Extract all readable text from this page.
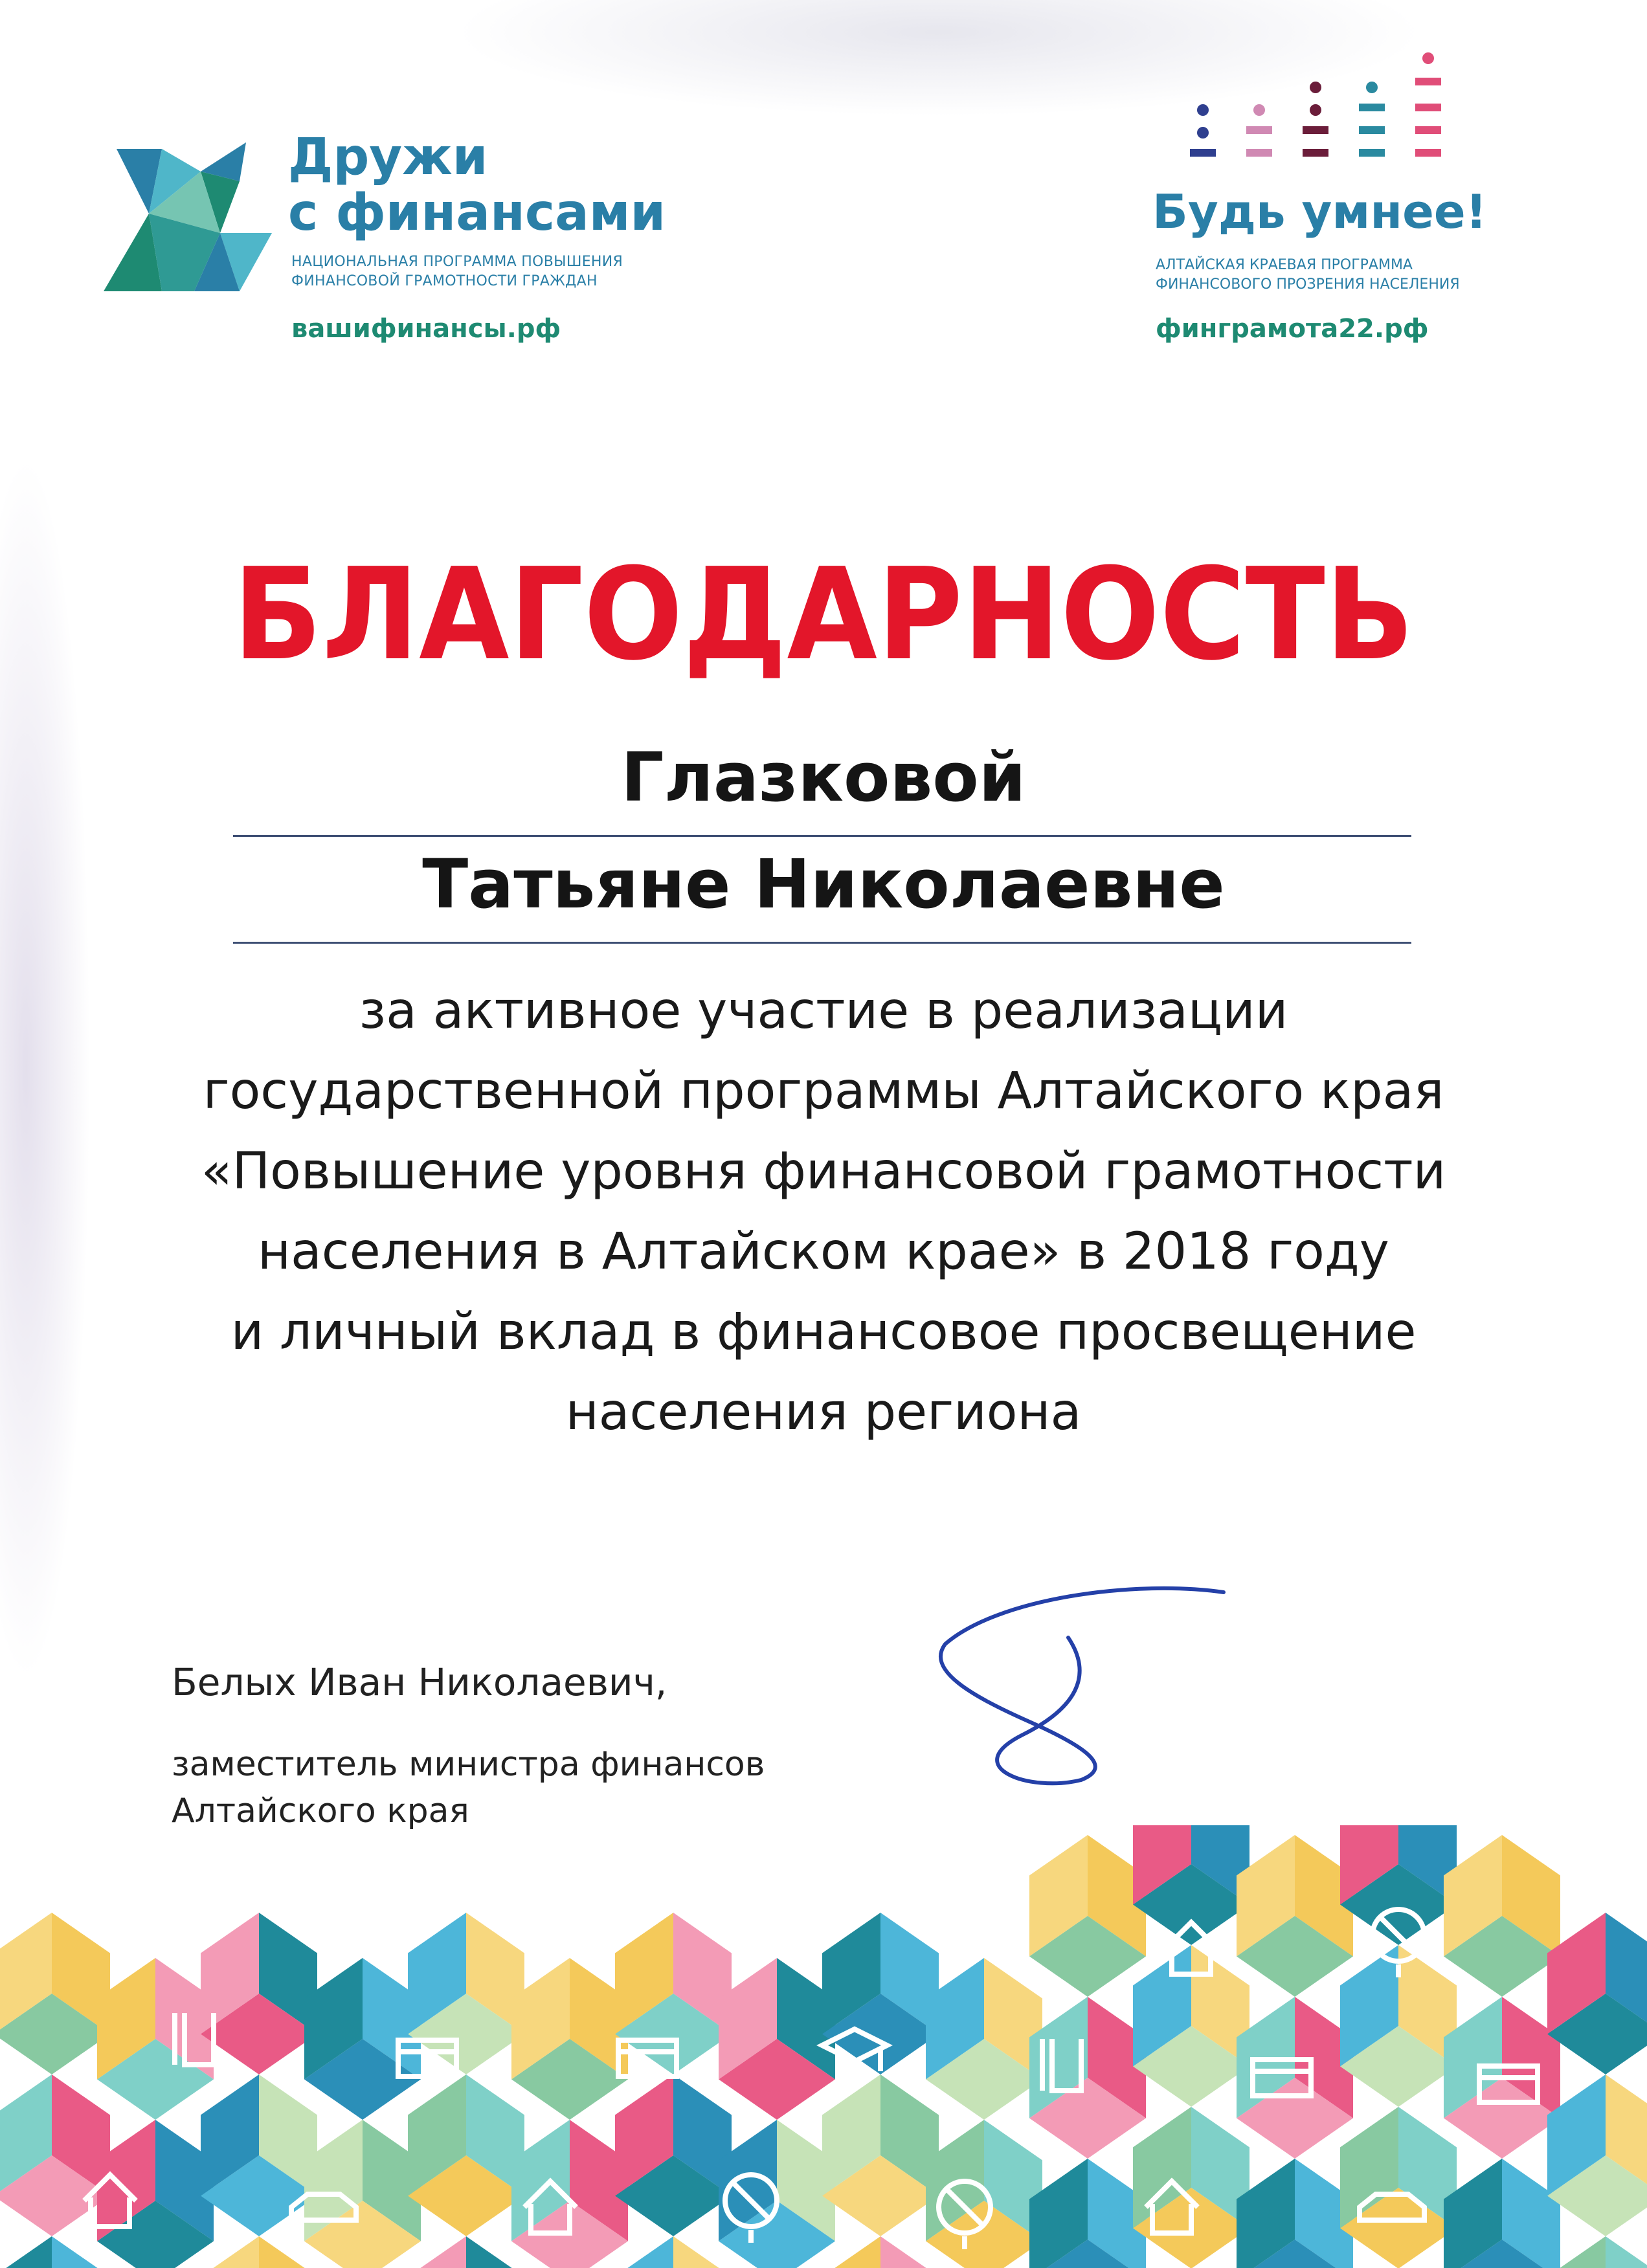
Дружи
с финансами
НАЦИОНАЛЬНАЯ ПРОГРАММА ПОВЫШЕНИЯ
ФИНАНСОВОЙ ГРАМОТНОСТИ ГРАЖДАН
вашифинансы.рф
Будь умнее!
АЛТАЙСКАЯ КРАЕВАЯ ПРОГРАММА
ФИНАНСОВОГО ПРОЗРЕНИЯ НАСЕЛЕНИЯ
финграмота22.рф
БЛАГОДАРНОСТЬ
Глазковой
Татьяне Николаевне
за активное участие в реализации
государственной программы Алтайского края
«Повышение уровня финансовой грамотности
населения в Алтайском крае» в 2018 году
и личный вклад в финансовое просвещение
населения региона
Белых Иван Николаевич,
заместитель министра финансов
Алтайского края
